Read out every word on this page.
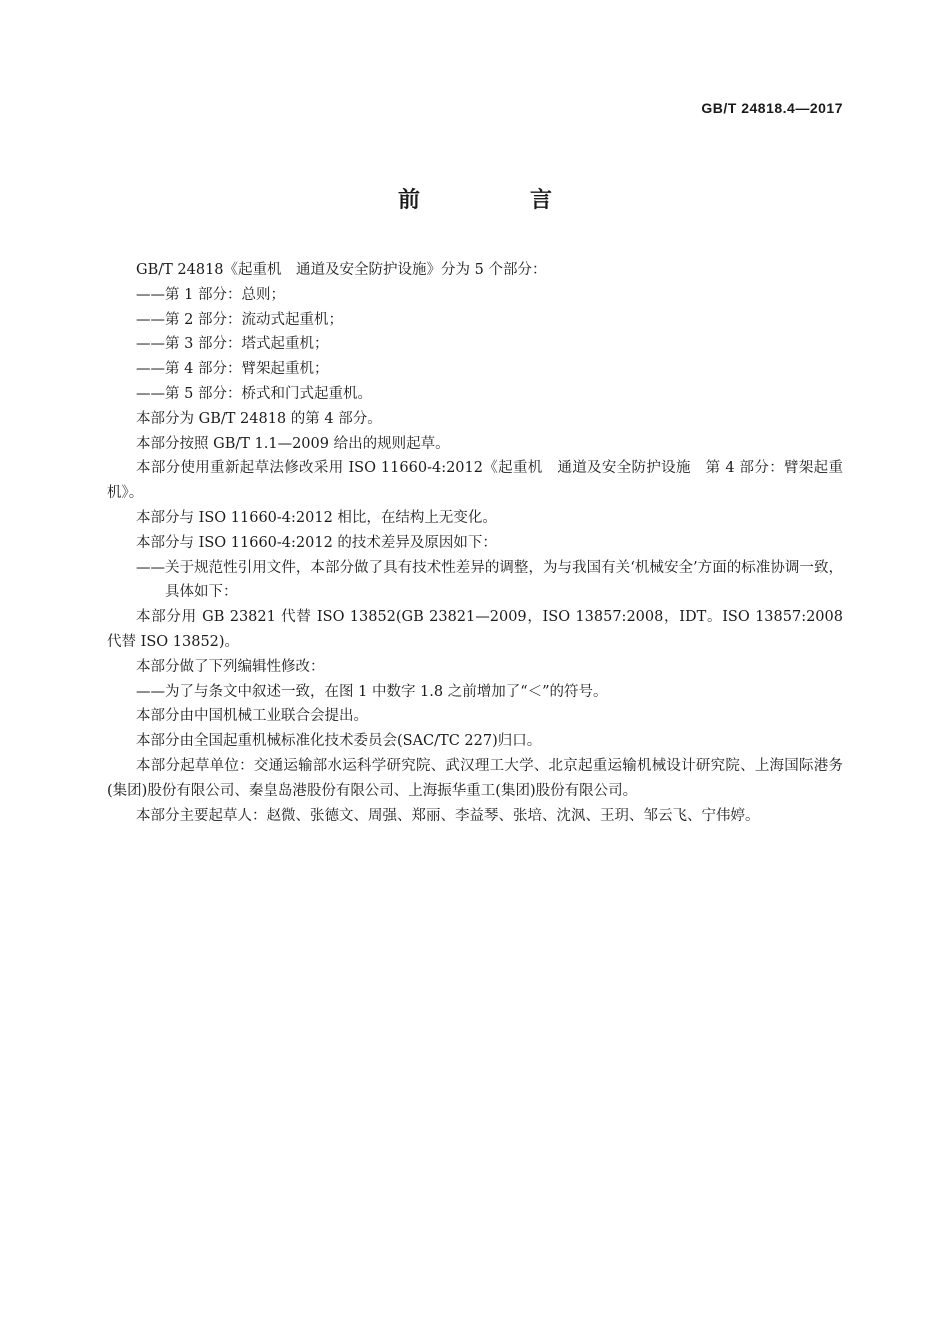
GB/T 24818.4—2017
前　言

GB/T 24818《起重机　通道及安全防护设施》分为 5 个部分：

——第 1 部分：总则；

——第 2 部分：流动式起重机；

——第 3 部分：塔式起重机；

——第 4 部分：臂架起重机；

——第 5 部分：桥式和门式起重机。

本部分为 GB/T 24818 的第 4 部分。

本部分按照 GB/T 1.1—2009 给出的规则起草。

本部分使用重新起草法修改采用 ISO 11660-4:2012《起重机　通道及安全防护设施　第 4 部分：臂架起重机》。

本部分与 ISO 11660-4:2012 相比，在结构上无变化。

本部分与 ISO 11660-4:2012 的技术差异及原因如下：

——关于规范性引用文件，本部分做了具有技术性差异的调整，为与我国有关‘机械安全’方面的标准协调一致，具体如下：

本部分用 GB 23821 代替 ISO 13852(GB 23821—2009，ISO 13857:2008，IDT。ISO 13857:2008 代替 ISO 13852)。

本部分做了下列编辑性修改：

——为了与条文中叙述一致，在图 1 中数字 1.8 之前增加了“＜”的符号。

本部分由中国机械工业联合会提出。

本部分由全国起重机械标准化技术委员会(SAC/TC 227)归口。

本部分起草单位：交通运输部水运科学研究院、武汉理工大学、北京起重运输机械设计研究院、上海国际港务(集团)股份有限公司、秦皇岛港股份有限公司、上海振华重工(集团)股份有限公司。

本部分主要起草人：赵微、张德文、周强、郑丽、李益琴、张培、沈沨、王玥、邹云飞、宁伟婷。
